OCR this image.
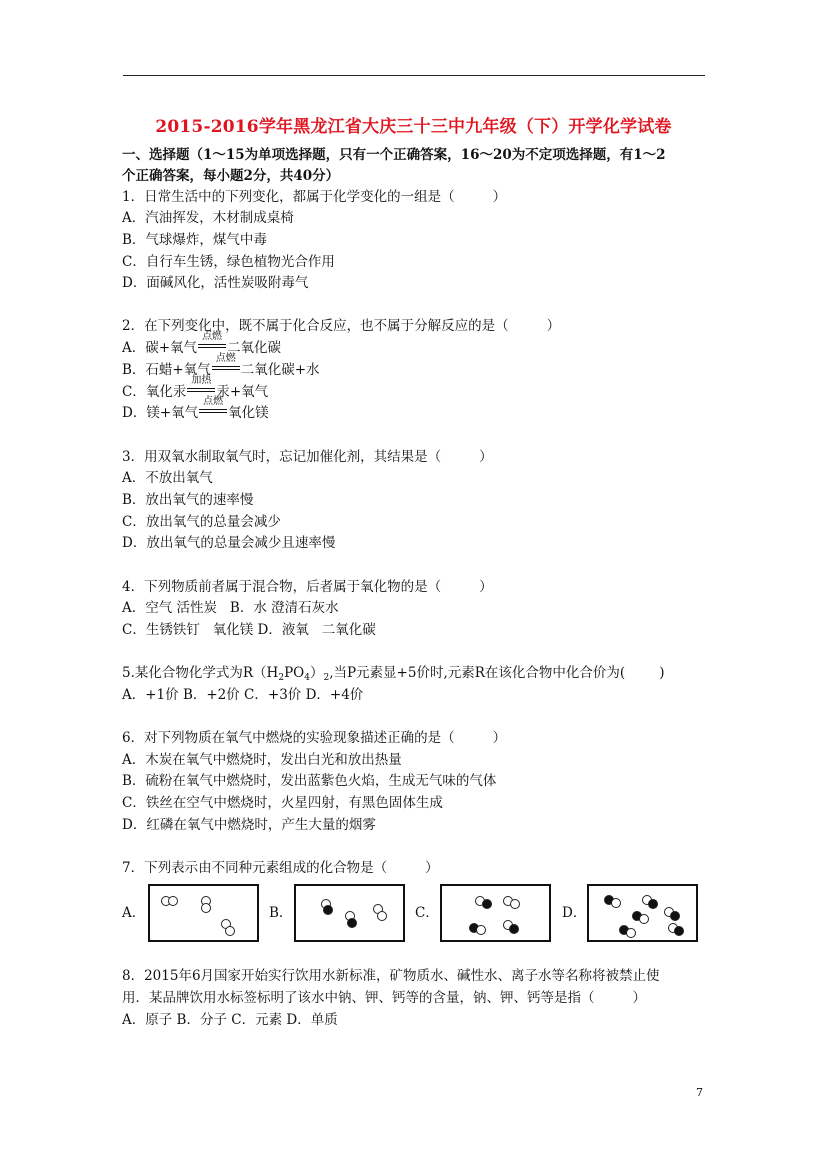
2015-2016学年黑龙江省大庆三十三中九年级（下）开学化学试卷
一、选择题（1～15为单项选择题，只有一个正确答案，16～20为不定项选择题，有1～2
个正确答案，每小题2分，共40分）
1．日常生活中的下列变化，都属于化学变化的一组是（	）
A．汽油挥发，木材制成桌椅
B．气球爆炸，煤气中毒
C．自行车生锈，绿色植物光合作用
D．面碱风化，活性炭吸附毒气
2．在下列变化中，既不属于化合反应，也不属于分解反应的是（	）
A．碳+氧气
点燃
二氧化碳
B．石蜡+氧气
点燃
二氧化碳+水
C．氧化汞
加热
汞+氧气
D．镁+氧气
点燃
氧化镁
3．用双氧水制取氧气时，忘记加催化剂，其结果是（	）
A．不放出氧气
B．放出氧气的速率慢
C．放出氧气的总量会减少
D．放出氧气的总量会减少且速率慢
4．下列物质前者属于混合物，后者属于氧化物的是（	）
A．空气 活性炭   B．水 澄清石灰水
C．生锈铁钉   氧化镁 D．液氧   二氧化碳
5.某化合物化学式为$R(H_2PO_4)_2$,当P元素显+5价时,元素R在该化合物中化合价为(	)
A．+1价 B．+2价 C．+3价 D．+4价
6．对下列物质在氧气中燃烧的实验现象描述正确的是（	）
A．木炭在氧气中燃烧时，发出白光和放出热量
B．硫粉在氧气中燃烧时，发出蓝紫色火焰，生成无气味的气体
C．铁丝在空气中燃烧时，火星四射，有黑色固体生成
D．红磷在氧气中燃烧时，产生大量的烟雾
7．下列表示由不同种元素组成的化合物是（	）
A．	B．	C．	D．
8．2015年6月国家开始实行饮用水新标准，矿物质水、碱性水、离子水等名称将被禁止使
用．某品牌饮用水标签标明了该水中钠、钾、钙等的含量，钠、钾、钙等是指（	）
A．原子 B．分子 C．元素 D．单质
7
